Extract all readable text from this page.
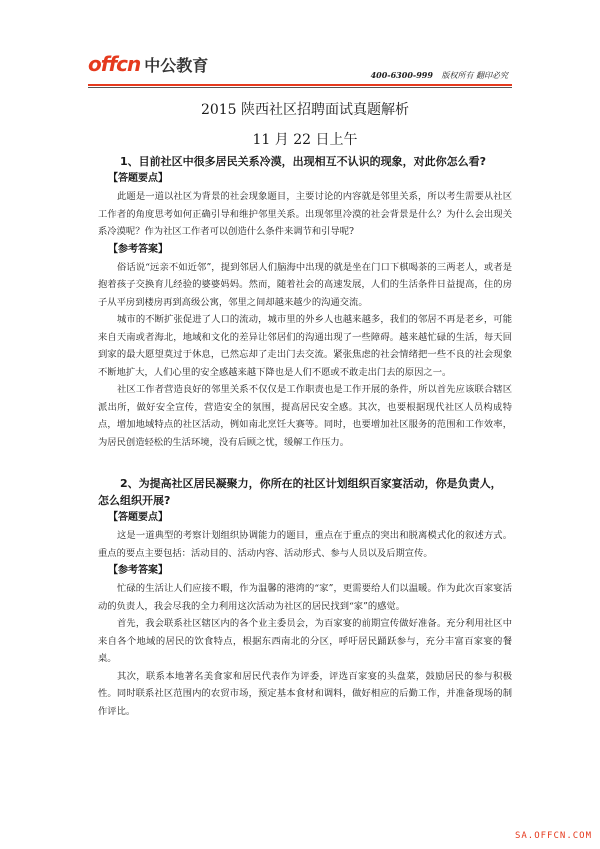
offcn 中公教育	400-6300-999 版权所有 翻印必究
2015 陕西社区招聘面试真题解析
11 月 22 日上午

1、目前社区中很多居民关系冷漠，出现相互不认识的现象，对此你怎么看?

【答题要点】

此题是一道以社区为背景的社会现象题目，主要讨论的内容就是邻里关系，所以考生需要从社区工作者的角度思考如何正确引导和维护邻里关系。出现邻里冷漠的社会背景是什么？为什么会出现关系冷漠呢？作为社区工作者可以创造什么条件来调节和引导呢?

【参考答案】

俗话说“远亲不如近邻”，提到邻居人们脑海中出现的就是坐在门口下棋喝茶的三两老人，或者是抱着孩子交换育儿经验的婆婆妈妈。然而，随着社会的高速发展，人们的生活条件日益提高，住的房子从平房到楼房再到高级公寓，邻里之间却越来越少的沟通交流。

城市的不断扩张促进了人口的流动，城市里的外乡人也越来越多，我们的邻居不再是老乡，可能来自天南或者海北，地域和文化的差异让邻居们的沟通出现了一些障碍。越来越忙碌的生活，每天回到家的最大愿望莫过于休息，已然忘却了走出门去交流。紧张焦虑的社会情绪把一些不良的社会现象不断地扩大，人们心里的安全感越来越下降也是人们不愿或不敢走出门去的原因之一。

社区工作者营造良好的邻里关系不仅仅是工作职责也是工作开展的条件，所以首先应该联合辖区派出所，做好安全宣传，营造安全的氛围，提高居民安全感。其次，也要根据现代社区人员构成特点，增加地域特点的社区活动，例如南北烹饪大赛等。同时，也要增加社区服务的范围和工作效率，为居民创造轻松的生活环境，没有后顾之忧，缓解工作压力。

2、为提高社区居民凝聚力，你所在的社区计划组织百家宴活动，你是负责人，怎么组织开展?

【答题要点】

这是一道典型的考察计划组织协调能力的题目，重点在于重点的突出和脱离模式化的叙述方式。重点的要点主要包括：活动目的、活动内容、活动形式、参与人员以及后期宣传。

【参考答案】

忙碌的生活让人们应接不暇，作为温馨的港湾的“家”，更需要给人们以温暖。作为此次百家宴活动的负责人，我会尽我的全力利用这次活动为社区的居民找到“家”的感觉。

首先，我会联系社区辖区内的各个业主委员会，为百家宴的前期宣传做好准备。充分利用社区中来自各个地域的居民的饮食特点，根据东西南北的分区，呼吁居民踊跃参与，充分丰富百家宴的餐桌。

其次，联系本地著名美食家和居民代表作为评委，评选百家宴的头盘菜，鼓励居民的参与积极性。同时联系社区范围内的农贸市场，预定基本食材和调料，做好相应的后勤工作，并准备现场的制作评比。

SA.OFFCN.COM
